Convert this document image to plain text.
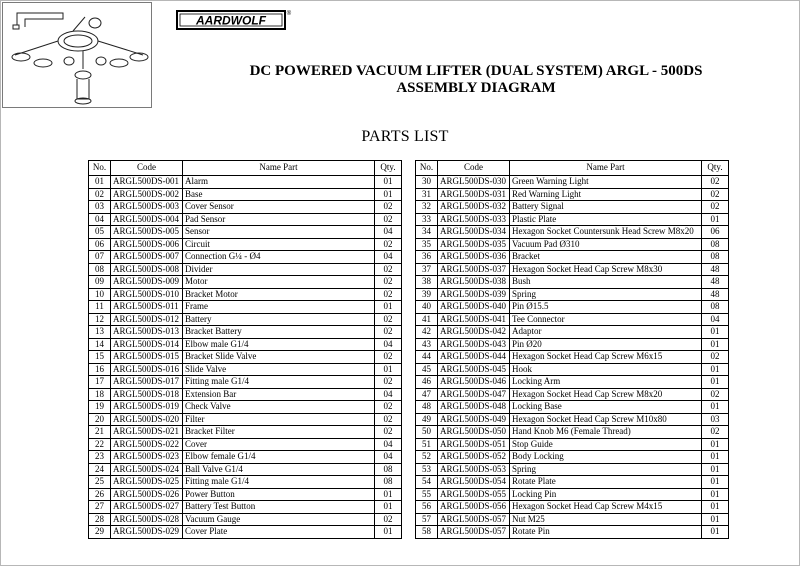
AARDWOLF	®
DC POWERED VACUUM LIFTER (DUAL SYSTEM) ARGL - 500DS
ASSEMBLY DIAGRAM
PARTS LIST
No.	Code	Name Part	Qty.
01	ARGL500DS-001	Alarm	01
02	ARGL500DS-002	Base	01
03	ARGL500DS-003	Cover Sensor	02
04	ARGL500DS-004	Pad Sensor	02
05	ARGL500DS-005	Sensor	04
06	ARGL500DS-006	Circuit	02
07	ARGL500DS-007	Connection G¼ - Ø4	04
08	ARGL500DS-008	Divider	02
09	ARGL500DS-009	Motor	02
10	ARGL500DS-010	Bracket Motor	02
11	ARGL500DS-011	Frame	01
12	ARGL500DS-012	Battery	02
13	ARGL500DS-013	Bracket Battery	02
14	ARGL500DS-014	Elbow male G1/4	04
15	ARGL500DS-015	Bracket Slide Valve	02
16	ARGL500DS-016	Slide Valve	01
17	ARGL500DS-017	Fitting male G1/4	02
18	ARGL500DS-018	Extension Bar	04
19	ARGL500DS-019	Check Valve	02
20	ARGL500DS-020	Filter	02
21	ARGL500DS-021	Bracket Filter	02
22	ARGL500DS-022	Cover	04
23	ARGL500DS-023	Elbow female G1/4	04
24	ARGL500DS-024	Ball Valve G1/4	08
25	ARGL500DS-025	Fitting male G1/4	08
26	ARGL500DS-026	Power Button	01
27	ARGL500DS-027	Battery Test Button	01
28	ARGL500DS-028	Vacuum Gauge	02
29	ARGL500DS-029	Cover Plate	01
No.	Code	Name Part	Qty.
30	ARGL500DS-030	Green Warning Light	02
31	ARGL500DS-031	Red Warning Light	02
32	ARGL500DS-032	Battery Signal	02
33	ARGL500DS-033	Plastic Plate	01
34	ARGL500DS-034	Hexagon Socket Countersunk Head Screw M8x20	06
35	ARGL500DS-035	Vacuum Pad Ø310	08
36	ARGL500DS-036	Bracket	08
37	ARGL500DS-037	Hexagon Socket Head Cap Screw M8x30	48
38	ARGL500DS-038	Bush	48
39	ARGL500DS-039	Spring	48
40	ARGL500DS-040	Pin Ø15.5	08
41	ARGL500DS-041	Tee Connector	04
42	ARGL500DS-042	Adaptor	01
43	ARGL500DS-043	Pin Ø20	01
44	ARGL500DS-044	Hexagon Socket Head Cap Screw M6x15	02
45	ARGL500DS-045	Hook	01
46	ARGL500DS-046	Locking Arm	01
47	ARGL500DS-047	Hexagon Socket Head Cap Screw M8x20	02
48	ARGL500DS-048	Locking Base	01
49	ARGL500DS-049	Hexagon Socket Head Cap Screw M10x80	03
50	ARGL500DS-050	Hand Knob M6 (Female Thread)	02
51	ARGL500DS-051	Stop Guide	01
52	ARGL500DS-052	Body Locking	01
53	ARGL500DS-053	Spring	01
54	ARGL500DS-054	Rotate Plate	01
55	ARGL500DS-055	Locking Pin	01
56	ARGL500DS-056	Hexagon Socket Head Cap Screw M4x15	01
57	ARGL500DS-057	Nut M25	01
58	ARGL500DS-057	Rotate Pin	01
